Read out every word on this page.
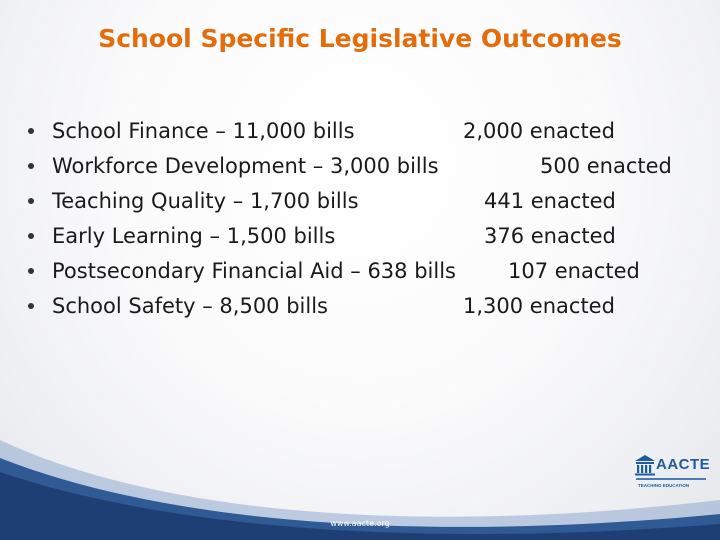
School Specific Legislative Outcomes
School Finance – 11,000 bills	2,000 enacted
Workforce Development – 3,000 bills	500 enacted
Teaching Quality – 1,700 bills	441 enacted
Early Learning – 1,500 bills	376 enacted
Postsecondary Financial Aid – 638 bills 107 enacted
School Safety – 8,500 bills	1,300 enacted
www.aacte.org
AACTE
TEACHING EDUCATION
